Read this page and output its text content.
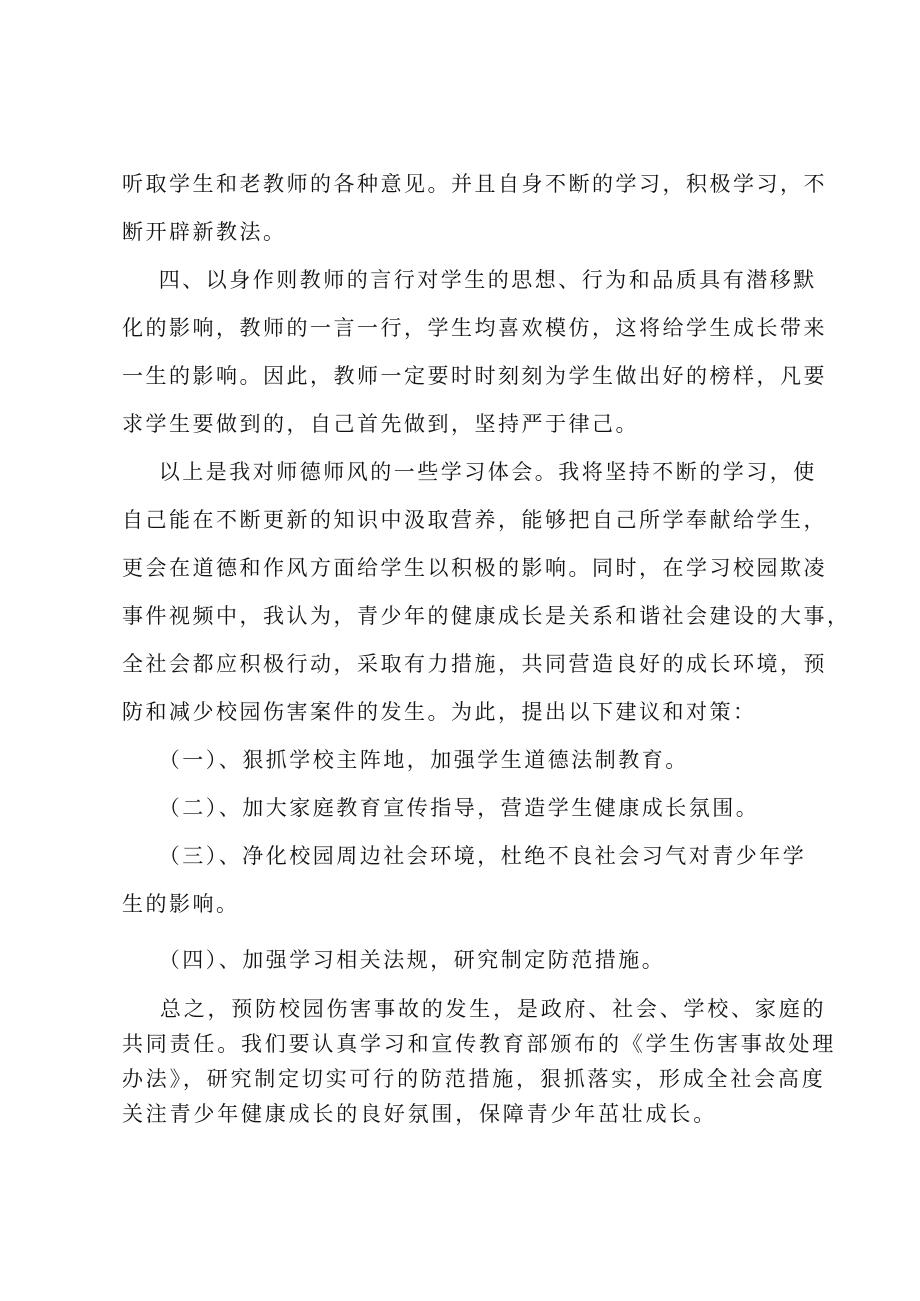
听取学生和老教师的各种意见。并且自身不断的学习，积极学习，不
断开辟新教法。
四、以身作则教师的言行对学生的思想、行为和品质具有潜移默
化的影响，教师的一言一行，学生均喜欢模仿，这将给学生成长带来
一生的影响。因此，教师一定要时时刻刻为学生做出好的榜样，凡要
求学生要做到的，自己首先做到，坚持严于律己。
以上是我对师德师风的一些学习体会。我将坚持不断的学习，使
自己能在不断更新的知识中汲取营养，能够把自己所学奉献给学生，
更会在道德和作风方面给学生以积极的影响。同时，在学习校园欺凌
事件视频中，我认为，青少年的健康成长是关系和谐社会建设的大事，
全社会都应积极行动，采取有力措施，共同营造良好的成长环境，预
防和减少校园伤害案件的发生。为此，提出以下建议和对策：
（一）、狠抓学校主阵地，加强学生道德法制教育。
（二）、加大家庭教育宣传指导，营造学生健康成长氛围。
（三）、净化校园周边社会环境，杜绝不良社会习气对青少年学
生的影响。
（四）、加强学习相关法规，研究制定防范措施。
总之，预防校园伤害事故的发生，是政府、社会、学校、家庭的
共同责任。我们要认真学习和宣传教育部颁布的《学生伤害事故处理
办法》，研究制定切实可行的防范措施，狠抓落实，形成全社会高度
关注青少年健康成长的良好氛围，保障青少年茁壮成长。
